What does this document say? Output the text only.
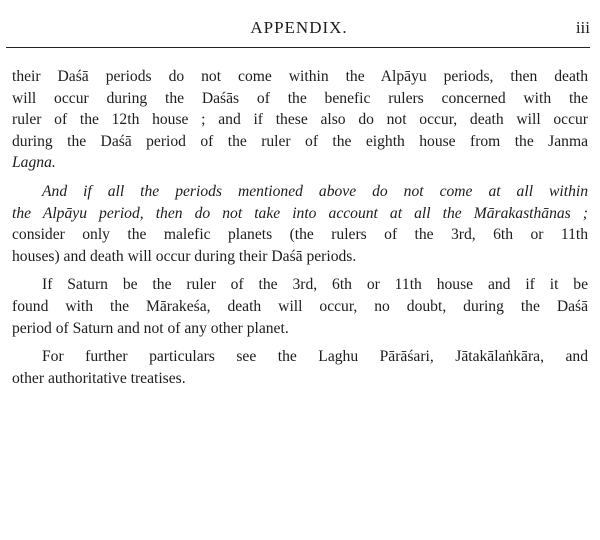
APPENDIX.	iii
their Daśā periods do not come within the Alpāyu periods, then death
will occur during the Daśās of the benefic rulers concerned with the
ruler of the 12th house ; and if these also do not occur, death will occur
during the Daśā period of the ruler of the eighth house from the Janma
Lagna.
And if all the periods mentioned above do not come at all within
the Alpāyu period, then do not take into account at all the Mārakasthānas ;
consider only the malefic planets (the rulers of the 3rd, 6th or 11th
houses) and death will occur during their Daśā periods.
If Saturn be the ruler of the 3rd, 6th or 11th house and if it be
found with the Mārakeśa, death will occur, no doubt, during the Daśā
period of Saturn and not of any other planet.
For further particulars see the Laghu Pārāśari, Jātakālaṅkāra, and
other authoritative treatises.
